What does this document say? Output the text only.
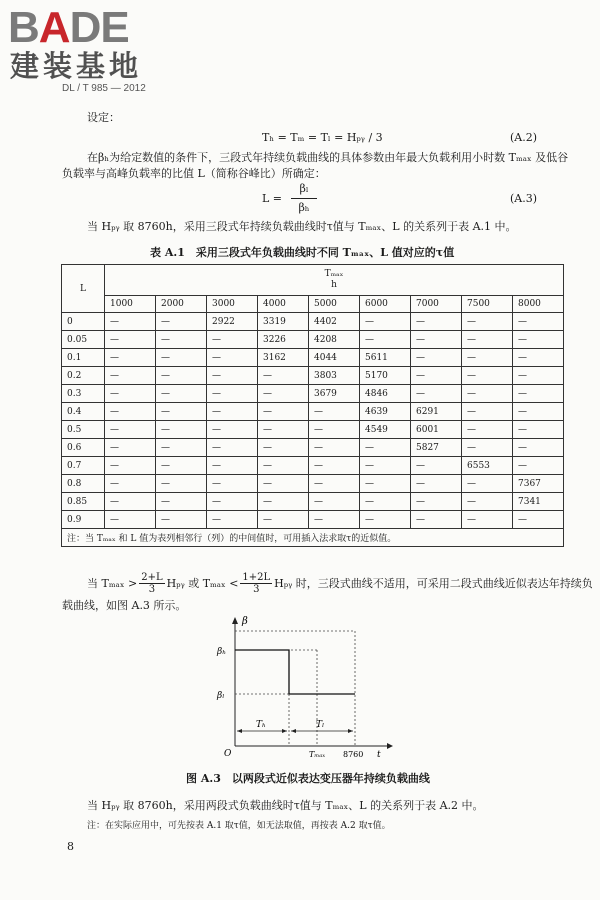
BADE
建装基地
DL / T 985 — 2012
设定：
Tₕ = Tₘ = Tₗ = Hₚᵧ / 3	(A.2)
在βₕ为给定数值的条件下，三段式年持续负载曲线的具体参数由年最大负载利用小时数 Tₘₐₓ 及低谷
负载率与高峰负载率的比值 L（简称谷峰比）所确定：
L =
βₗ
βₕ
(A.3)
当 Hₚᵧ 取 8760h，采用三段式年持续负载曲线时τ值与 Tₘₐₓ、L 的关系列于表 A.1 中。
表 A.1　采用三段式年负载曲线时不同 Tₘₐₓ、L 值对应的τ值
L	Tₘₐₓ
h								

	1000	2000	3000	4000	5000	6000	7000	7500	8000
0	—	—	2922	3319	4402	—	—	—	—
0.05	—	—	—	3226	4208	—	—	—	—
0.1	—	—	—	3162	4044	5611	—	—	—
0.2	—	—	—	—	3803	5170	—	—	—
0.3	—	—	—	—	3679	4846	—	—	—
0.4	—	—	—	—	—	4639	6291	—	—
0.5	—	—	—	—	—	4549	6001	—	—
0.6	—	—	—	—	—	—	5827	—	—
0.7	—	—	—	—	—	—	—	6553	—
0.8	—	—	—	—	—	—	—	—	7367
0.85	—	—	—	—	—	—	—	—	7341
0.9	—	—	—	—	—	—	—	—	—
注：当 Tₘₐₓ 和 L 值为表列相邻行（列）的中间值时，可用插入法求取τ的近似值。									
当 $T_{max} > \frac{2+L}{3}$ Hₚᵧ 或 $T_{max} < \frac{1+2L}{3}$ Hₚᵧ 时，三段式曲线不适用，可采用二段式曲线近似表达年持续负
载曲线，如图 A.3 所示。
β
βₕ
βₗ
O
Tₕ	Tₗ
Tₘₐₓ 8760 t
图 A.3　以两段式近似表达变压器年持续负载曲线
当 Hₚᵧ 取 8760h，采用两段式负载曲线时τ值与 Tₘₐₓ、L 的关系列于表 A.2 中。
注：在实际应用中，可先按表 A.1 取τ值，如无法取值，再按表 A.2 取τ值。
8
